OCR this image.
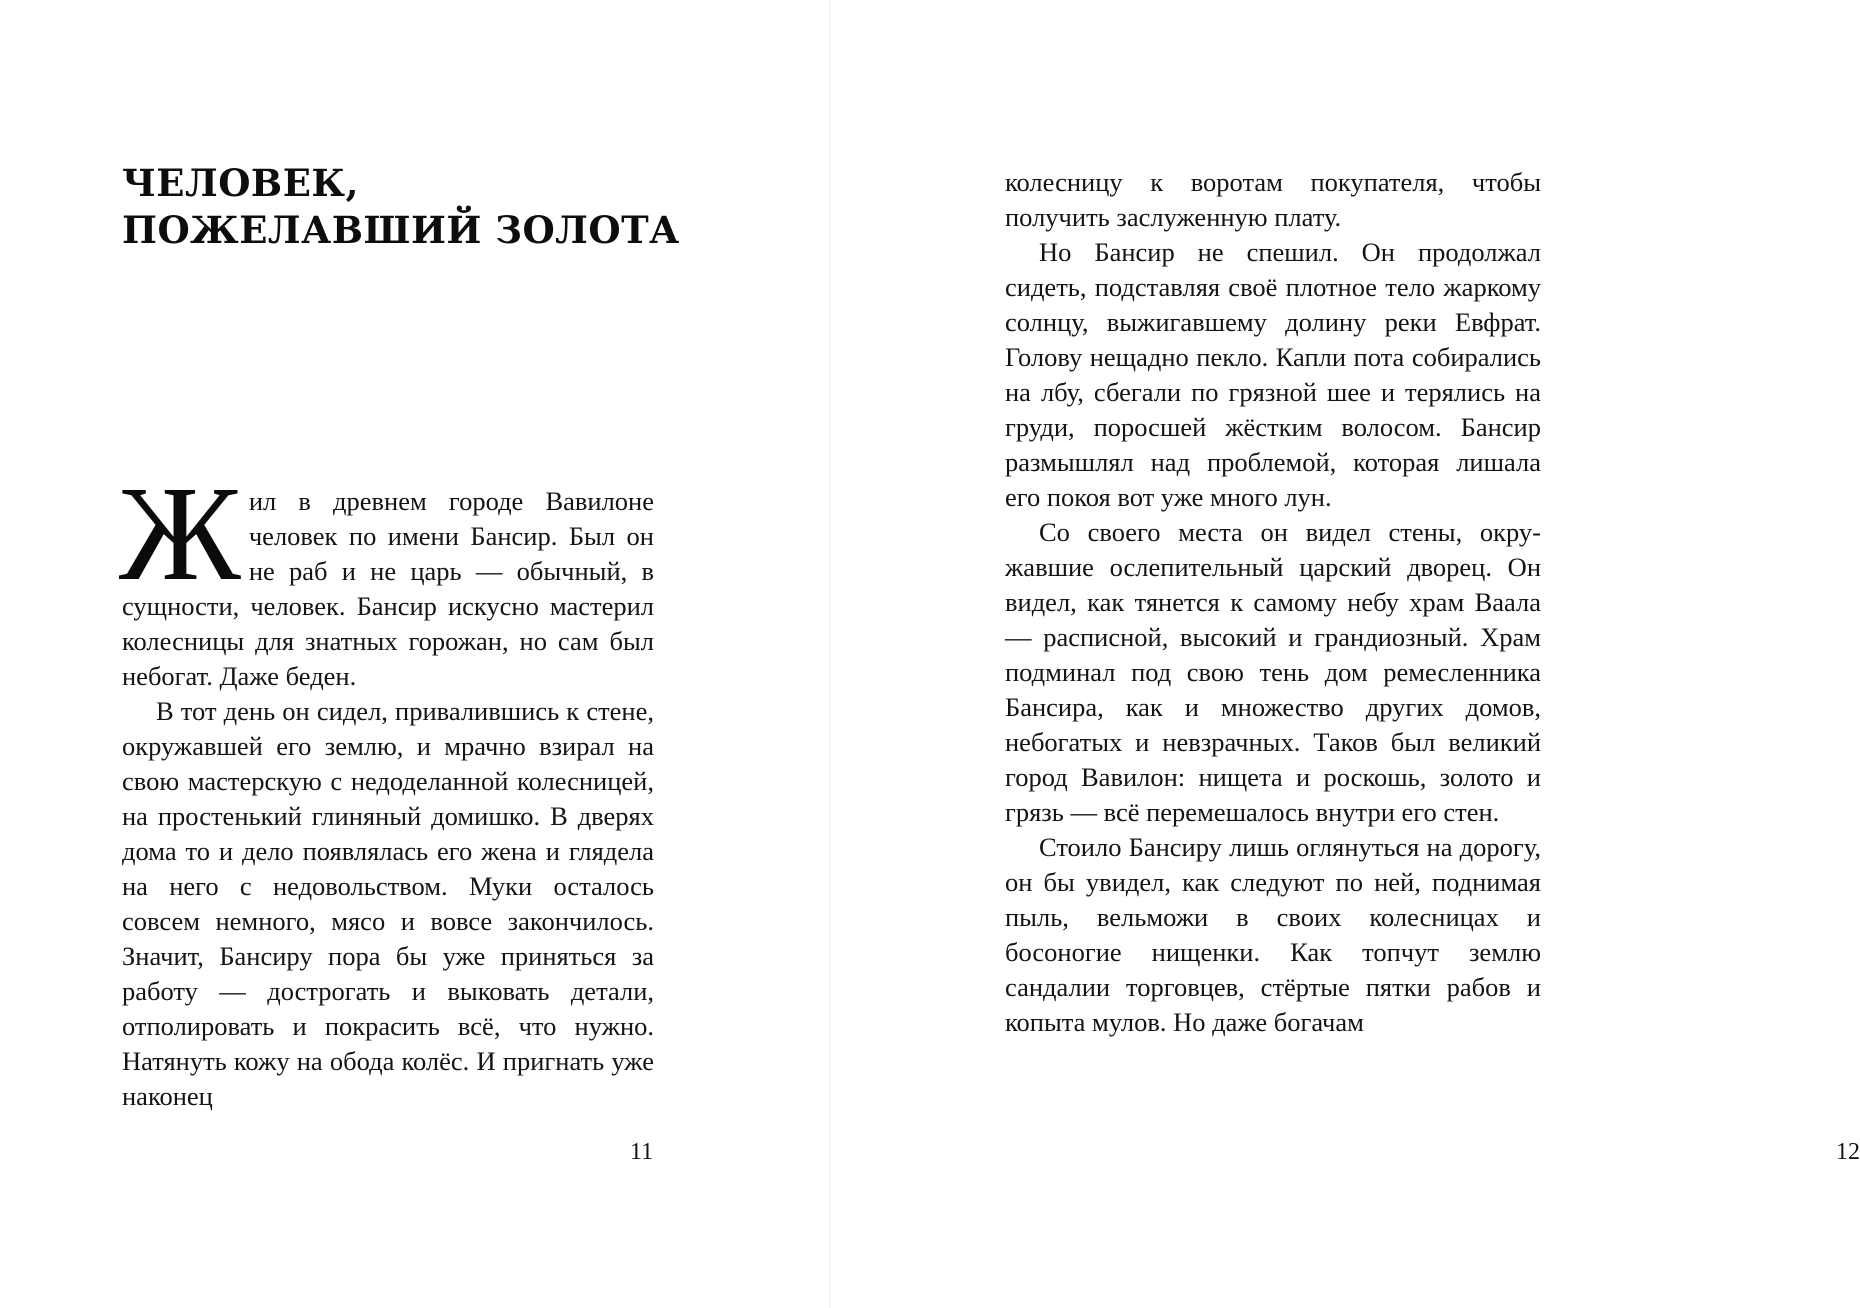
ЧЕЛОВЕК,
ПОЖЕЛАВШИЙ ЗОЛОТА

Жил в древнем городе Вавилоне человек по имени Бансир. Был он не раб и не царь — обычный, в сущности, человек. Бансир искусно мастерил колесницы для знатных горожан, но сам был небогат. Даже беден.

В тот день он сидел, привалившись к стене, окружавшей его землю, и мрачно взирал на свою мастерскую с недоделанной колесницей, на простенький глиняный домишко. В дверях дома то и дело появлялась его жена и глядела на него с недовольством. Муки осталось совсем немного, мясо и вовсе закончилось. Значит, Бансиру пора бы уже приняться за работу — дострогать и выковать детали, отполировать и покрасить всё, что нужно. Натянуть кожу на обода колёс. И пригнать уже наконец

11	12

колесницу к воротам покупателя, чтобы получить заслуженную плату.

Но Бансир не спешил. Он продолжал сидеть, подставляя своё плотное тело жаркому солнцу, выжигавшему долину реки Евфрат. Голову нещадно пекло. Капли пота собирались на лбу, сбегали по грязной шее и терялись на груди, поросшей жёстким волосом. Бансир размышлял над проблемой, которая лишала его покоя вот уже много лун.

Со своего места он видел стены, окружавшие ослепительный царский дворец. Он видел, как тянется к самому небу храм Ваала — расписной, высокий и грандиозный. Храм подминал под свою тень дом ремесленника Бансира, как и множество других домов, небогатых и невзрачных. Таков был великий город Вавилон: нищета и роскошь, золото и грязь — всё перемешалось внутри его стен.

Стоило Бансиру лишь оглянуться на дорогу, он бы увидел, как следуют по ней, поднимая пыль, вельможи в своих колесницах и босоногие нищенки. Как топчут землю сандалии торговцев, стёртые пятки рабов и копыта мулов. Но даже богачам
